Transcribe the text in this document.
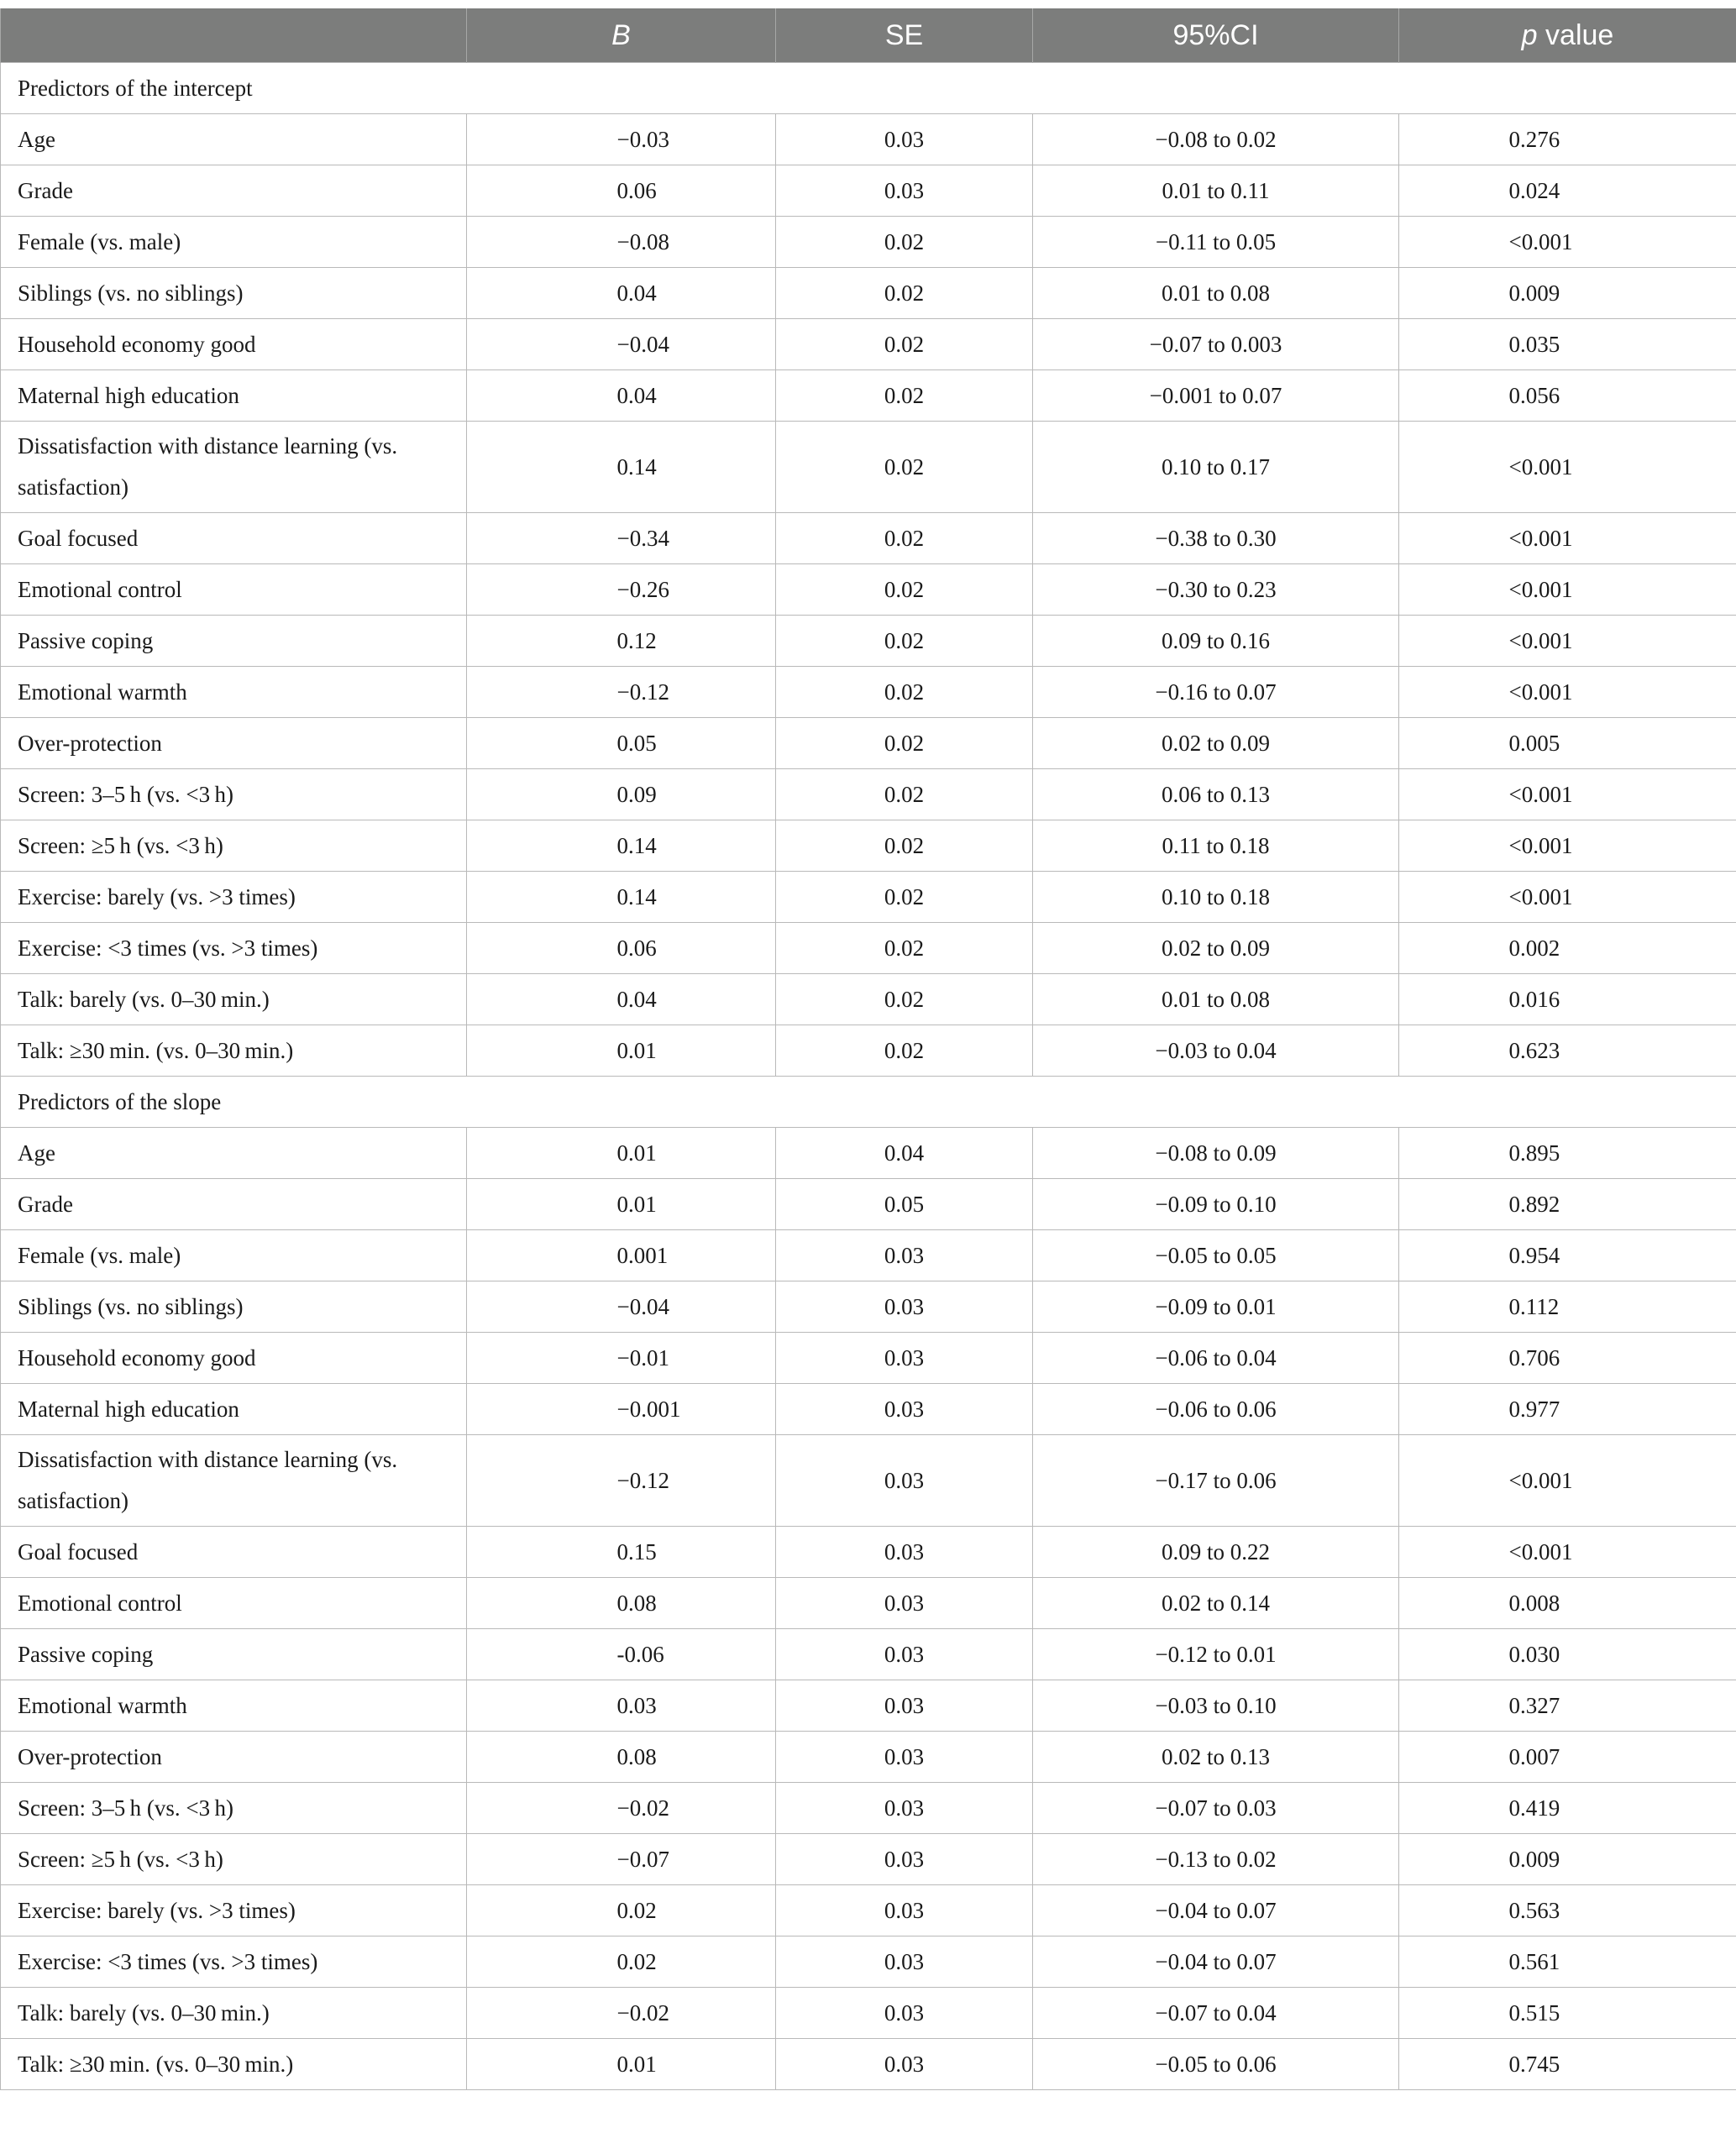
	B	SE	95%CI	p value
Predictors of the intercept				
Age	−0.03	0.03	−0.08 to 0.02	0.276
Grade	0.06	0.03	0.01 to 0.11	0.024
Female (vs. male)	−0.08	0.02	−0.11 to 0.05	<0.001
Siblings (vs. no siblings)	0.04	0.02	0.01 to 0.08	0.009
Household economy good	−0.04	0.02	−0.07 to 0.003	0.035
Maternal high education	0.04	0.02	−0.001 to 0.07	0.056
Dissatisfaction with distance learning (vs. satisfaction)	0.14	0.02	0.10 to 0.17	<0.001
Goal focused	−0.34	0.02	−0.38 to 0.30	<0.001
Emotional control	−0.26	0.02	−0.30 to 0.23	<0.001
Passive coping	0.12	0.02	0.09 to 0.16	<0.001
Emotional warmth	−0.12	0.02	−0.16 to 0.07	<0.001
Over-protection	0.05	0.02	0.02 to 0.09	0.005
Screen: 3–5 h (vs. <3 h)	0.09	0.02	0.06 to 0.13	<0.001
Screen: ≥5 h (vs. <3 h)	0.14	0.02	0.11 to 0.18	<0.001
Exercise: barely (vs. >3 times)	0.14	0.02	0.10 to 0.18	<0.001
Exercise: <3 times (vs. >3 times)	0.06	0.02	0.02 to 0.09	0.002
Talk: barely (vs. 0–30 min.)	0.04	0.02	0.01 to 0.08	0.016
Talk: ≥30 min. (vs. 0–30 min.)	0.01	0.02	−0.03 to 0.04	0.623
Predictors of the slope				
Age	0.01	0.04	−0.08 to 0.09	0.895
Grade	0.01	0.05	−0.09 to 0.10	0.892
Female (vs. male)	0.001	0.03	−0.05 to 0.05	0.954
Siblings (vs. no siblings)	−0.04	0.03	−0.09 to 0.01	0.112
Household economy good	−0.01	0.03	−0.06 to 0.04	0.706
Maternal high education	−0.001	0.03	−0.06 to 0.06	0.977
Dissatisfaction with distance learning (vs. satisfaction)	−0.12	0.03	−0.17 to 0.06	<0.001
Goal focused	0.15	0.03	0.09 to 0.22	<0.001
Emotional control	0.08	0.03	0.02 to 0.14	0.008
Passive coping	-0.06	0.03	−0.12 to 0.01	0.030
Emotional warmth	0.03	0.03	−0.03 to 0.10	0.327
Over-protection	0.08	0.03	0.02 to 0.13	0.007
Screen: 3–5 h (vs. <3 h)	−0.02	0.03	−0.07 to 0.03	0.419
Screen: ≥5 h (vs. <3 h)	−0.07	0.03	−0.13 to 0.02	0.009
Exercise: barely (vs. >3 times)	0.02	0.03	−0.04 to 0.07	0.563
Exercise: <3 times (vs. >3 times)	0.02	0.03	−0.04 to 0.07	0.561
Talk: barely (vs. 0–30 min.)	−0.02	0.03	−0.07 to 0.04	0.515
Talk: ≥30 min. (vs. 0–30 min.)	0.01	0.03	−0.05 to 0.06	0.745
